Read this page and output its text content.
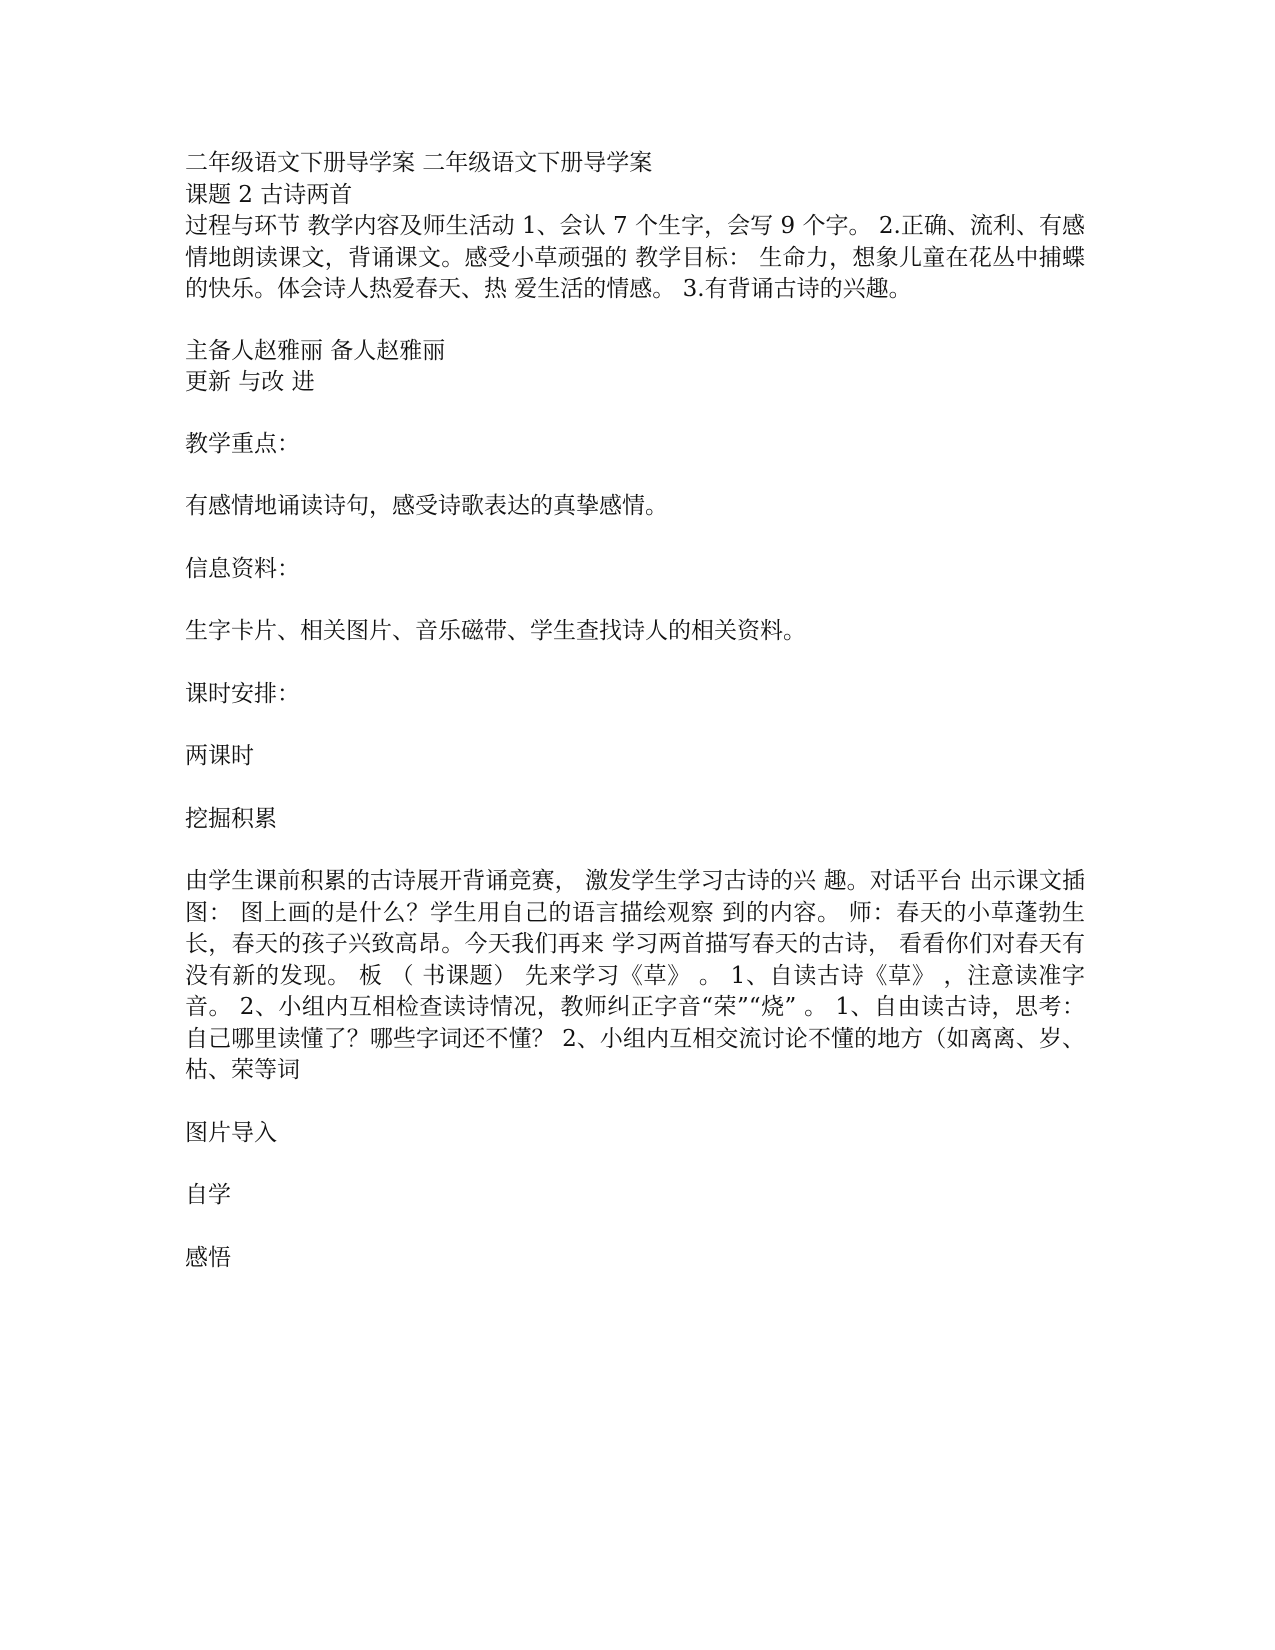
二年级语文下册导学案 二年级语文下册导学案

课题 2 古诗两首

过程与环节 教学内容及师生活动 1、会认 7 个生字，会写 9 个字。 2.正确、流利、有感情地朗读课文，背诵课文。感受小草顽强的 教学目标： 生命力，想象儿童在花丛中捕蝶的快乐。体会诗人热爱春天、热 爱生活的情感。 3.有背诵古诗的兴趣。

主备人赵雅丽 备人赵雅丽

更新 与改 进

教学重点：

有感情地诵读诗句，感受诗歌表达的真挚感情。

信息资料：

生字卡片、相关图片、音乐磁带、学生查找诗人的相关资料。

课时安排：

两课时

挖掘积累

由学生课前积累的古诗展开背诵竞赛， 激发学生学习古诗的兴 趣。对话平台 出示课文插图： 图上画的是什么？学生用自己的语言描绘观察 到的内容。 师：春天的小草蓬勃生长，春天的孩子兴致高昂。今天我们再来 学习两首描写春天的古诗， 看看你们对春天有没有新的发现。 板 （ 书课题） 先来学习《草》 。 1、自读古诗《草》 ，注意读准字音。 2、小组内互相检查读诗情况，教师纠正字音“荣”“烧” 。 1、自由读古诗，思考：自己哪里读懂了？哪些字词还不懂？ 2、小组内互相交流讨论不懂的地方（如离离、岁、枯、荣等词

图片导入

自学

感悟
